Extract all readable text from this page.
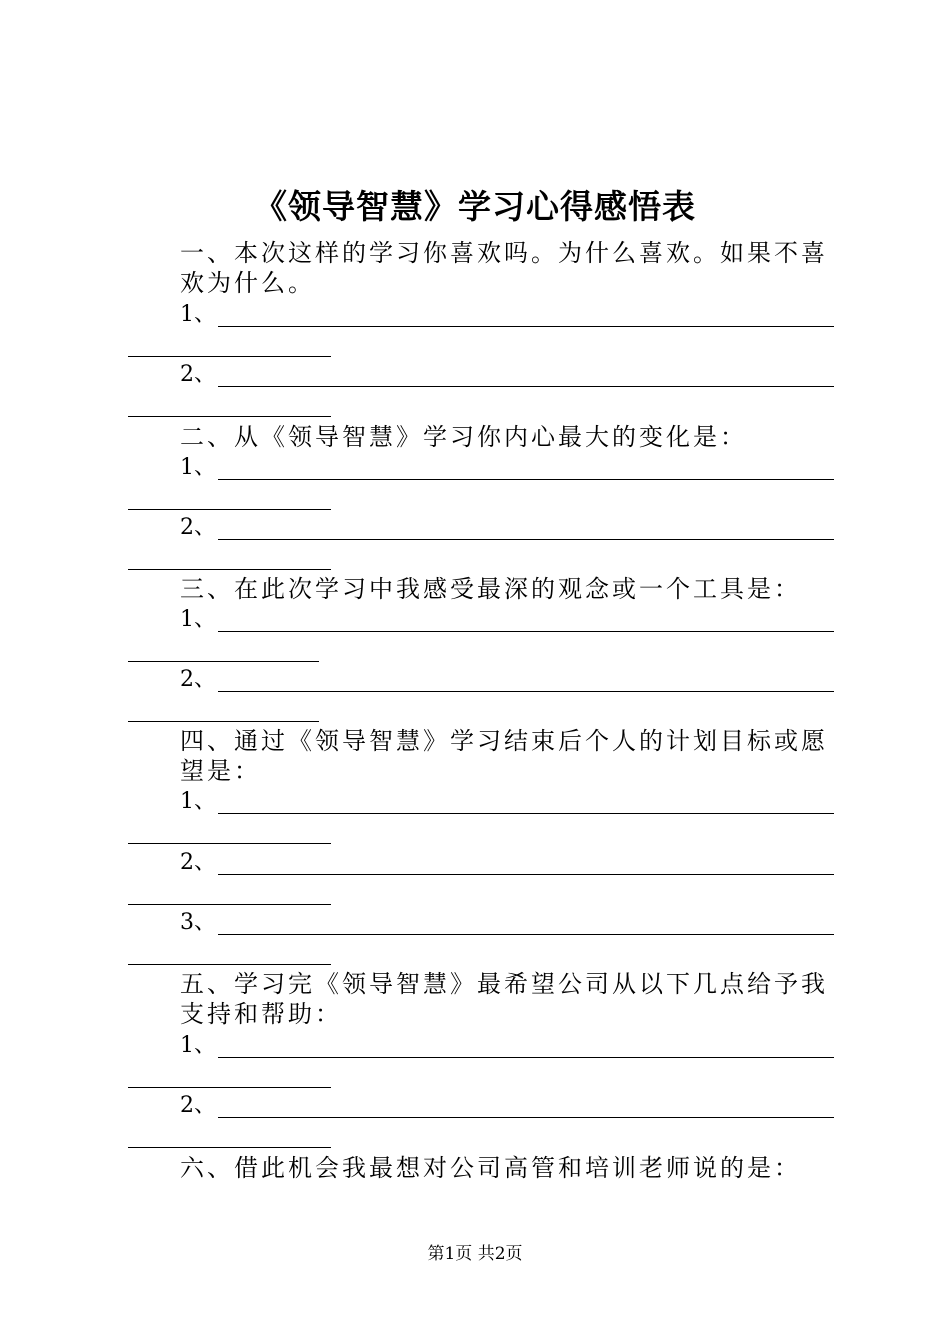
《领导智慧》学习心得感悟表
一、本次这样的学习你喜欢吗。为什么喜欢。如果不喜欢为什么。
1、
2、
二、从《领导智慧》学习你内心最大的变化是：
1、
2、
三、在此次学习中我感受最深的观念或一个工具是：
1、
2、
四、通过《领导智慧》学习结束后个人的计划目标或愿望是：
1、
2、
3、
五、学习完《领导智慧》最希望公司从以下几点给予我支持和帮助：
1、
2、
六、借此机会我最想对公司高管和培训老师说的是：
第1页 共2页
